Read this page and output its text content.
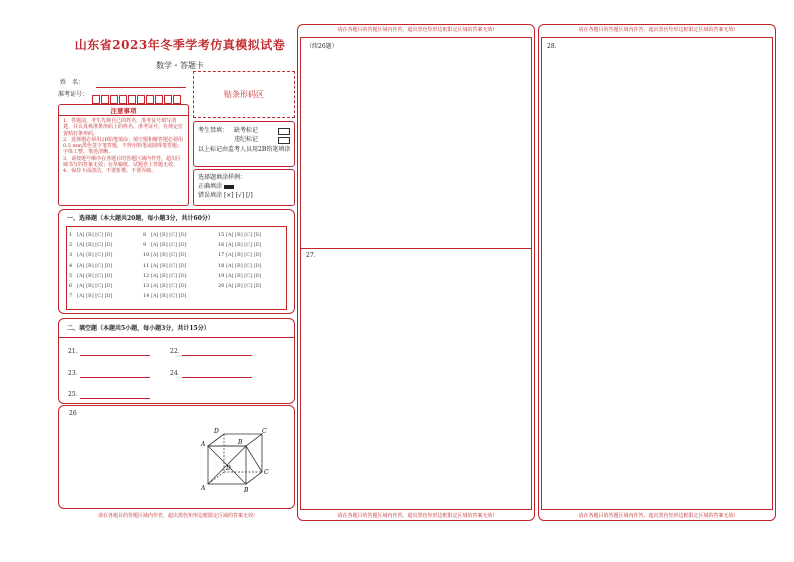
山东省2023年冬季学考仿真模拟试卷
数学・答题卡
姓　名：
准考证号：	贴条形码区
注意事项
1．答题前，考生先将自己的姓名、准考证号填写清楚，并认真核准条形码上的姓名、准考证号，在规定位置贴好条形码。
2．选择题必须用2B铅笔填涂；填空题和解答题必须用0.5 mm黑色签字笔答题，不得用铅笔或圆珠笔答题；字体工整、笔迹清晰。
3．请按题号顺序在各题目的答题区域内作答，超出区域书写的答案无效；在草稿纸、试题卷上答题无效。
4．保持卡面清洁，不要折叠、不要弄破。
考生禁填： 缺考标记
违纪标记
以上标记由监考人员用2B铅笔填涂
选择题填涂样例：
正确填涂
错误填涂 [×] [√] [/]
一、选择题（本大题共20题，每小题3分，共计60分）
1 [A] [B] [C] [D]
2 [A] [B] [C] [D]
3 [A] [B] [C] [D]
4 [A] [B] [C] [D]
5 [A] [B] [C] [D]
6 [A] [B] [C] [D]
7 [A] [B] [C] [D]
8 [A] [B] [C] [D]
9 [A] [B] [C] [D]
10 [A] [B] [C] [D]
11 [A] [B] [C] [D]
12 [A] [B] [C] [D]
13 [A] [B] [C] [D]
14 [A] [B] [C] [D]
15 [A] [B] [C] [D]
16 [A] [B] [C] [D]
17 [A] [B] [C] [D]
18 [A] [B] [C] [D]
19 [A] [B] [C] [D]
20 [A] [B] [C] [D]
二、填空题（本题共5小题，每小题3分，共计15分）
21．	22．
23．	24．
25．
26
D	C
A	B
D
C
A	B
请在各题目的答题区域内作答，超出黑色矩形边框限定区域的答案无效!
请在各题目的答题区域内作答，超出黑色矩形边框限定区域的答案无效!
（续26题）
27．
请在各题目的答题区域内作答，超出黑色矩形边框限定区域的答案无效!
请在各题目的答题区域内作答，超出黑色矩形边框限定区域的答案无效!
28．
请在各题目的答题区域内作答，超出黑色矩形边框限定区域的答案无效!
